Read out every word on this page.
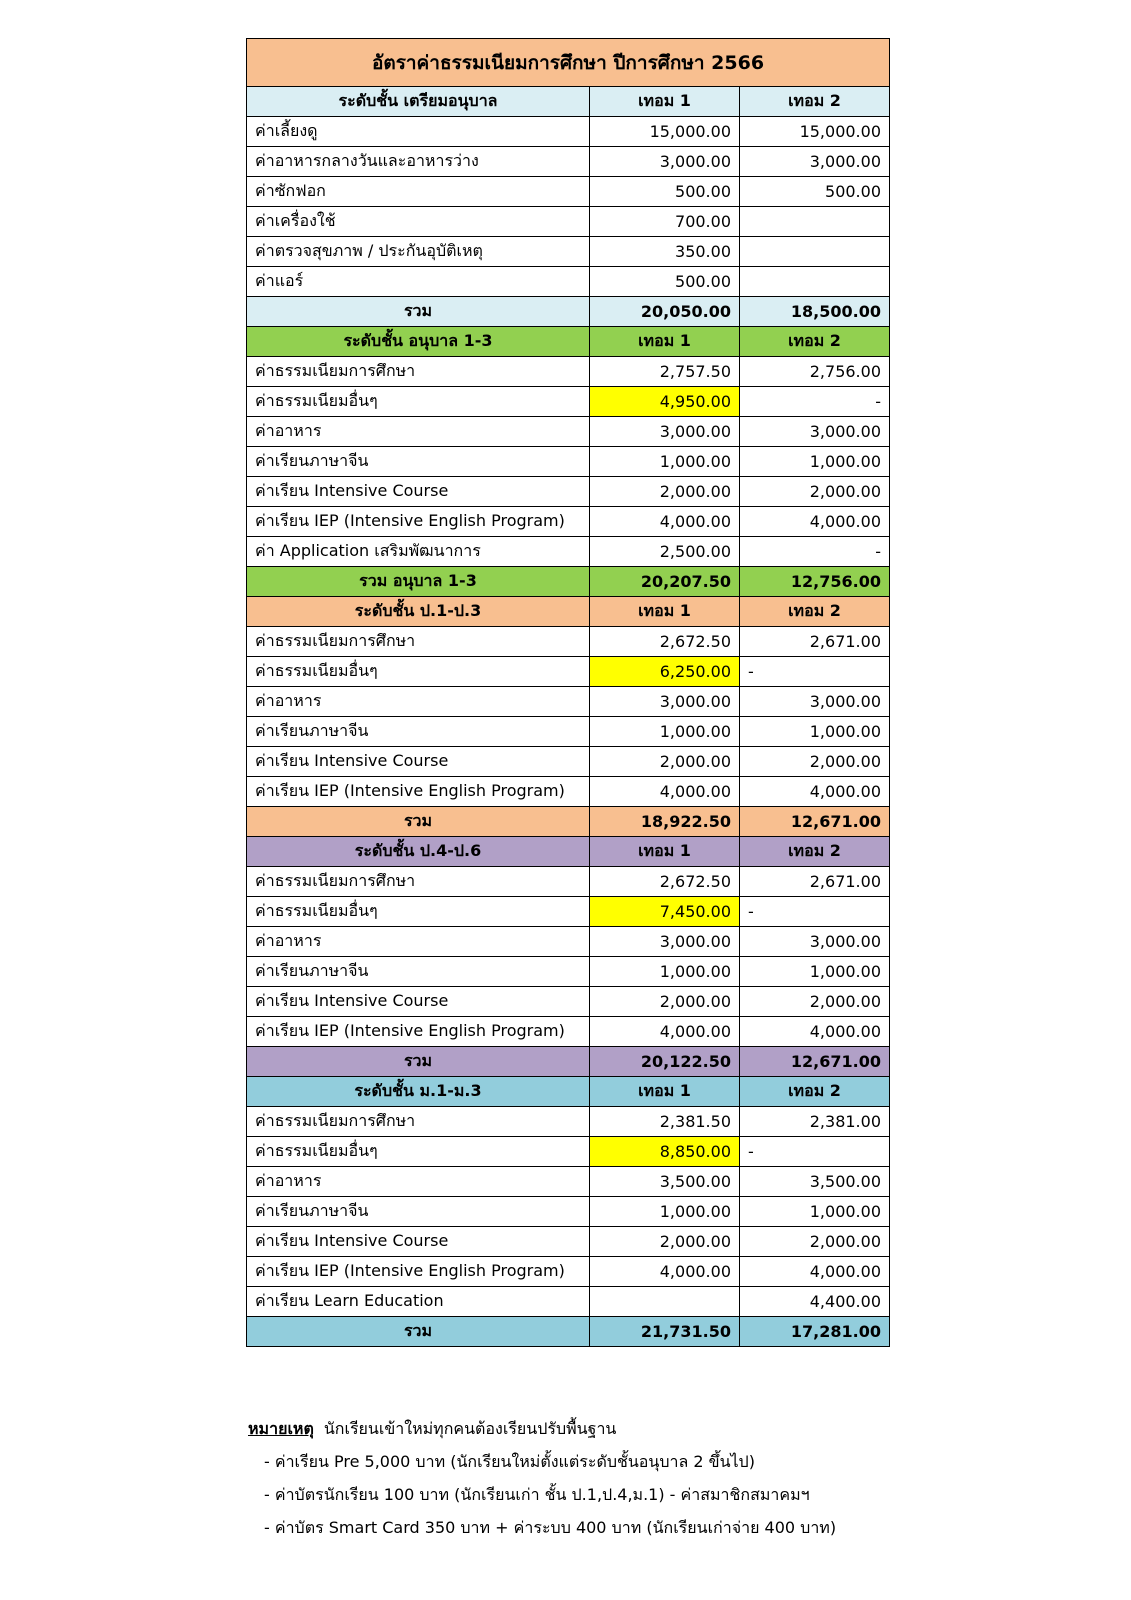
อัตราค่าธรรมเนียมการศึกษา ปีการศึกษา 2566		
ระดับชั้น เตรียมอนุบาล	เทอม 1	เทอม 2
ค่าเลี้ยงดู	15,000.00	15,000.00
ค่าอาหารกลางวันและอาหารว่าง	3,000.00	3,000.00
ค่าซักฟอก	500.00	500.00
ค่าเครื่องใช้	700.00	
ค่าตรวจสุขภาพ / ประกันอุบัติเหตุ	350.00	
ค่าแอร์	500.00	
รวม	20,050.00	18,500.00
ระดับชั้น อนุบาล 1-3	เทอม 1	เทอม 2
ค่าธรรมเนียมการศึกษา	2,757.50	2,756.00
ค่าธรรมเนียมอื่นๆ	4,950.00	-
ค่าอาหาร	3,000.00	3,000.00
ค่าเรียนภาษาจีน	1,000.00	1,000.00
ค่าเรียน Intensive Course	2,000.00	2,000.00
ค่าเรียน IEP (Intensive English Program)	4,000.00	4,000.00
ค่า Application เสริมพัฒนาการ	2,500.00	-
รวม อนุบาล 1-3	20,207.50	12,756.00
ระดับชั้น ป.1-ป.3	เทอม 1	เทอม 2
ค่าธรรมเนียมการศึกษา	2,672.50	2,671.00
ค่าธรรมเนียมอื่นๆ	6,250.00	-
ค่าอาหาร	3,000.00	3,000.00
ค่าเรียนภาษาจีน	1,000.00	1,000.00
ค่าเรียน Intensive Course	2,000.00	2,000.00
ค่าเรียน IEP (Intensive English Program)	4,000.00	4,000.00
รวม	18,922.50	12,671.00
ระดับชั้น ป.4-ป.6	เทอม 1	เทอม 2
ค่าธรรมเนียมการศึกษา	2,672.50	2,671.00
ค่าธรรมเนียมอื่นๆ	7,450.00	-
ค่าอาหาร	3,000.00	3,000.00
ค่าเรียนภาษาจีน	1,000.00	1,000.00
ค่าเรียน Intensive Course	2,000.00	2,000.00
ค่าเรียน IEP (Intensive English Program)	4,000.00	4,000.00
รวม	20,122.50	12,671.00
ระดับชั้น ม.1-ม.3	เทอม 1	เทอม 2
ค่าธรรมเนียมการศึกษา	2,381.50	2,381.00
ค่าธรรมเนียมอื่นๆ	8,850.00	-
ค่าอาหาร	3,500.00	3,500.00
ค่าเรียนภาษาจีน	1,000.00	1,000.00
ค่าเรียน Intensive Course	2,000.00	2,000.00
ค่าเรียน IEP (Intensive English Program)	4,000.00	4,000.00
ค่าเรียน Learn Education		4,400.00
รวม	21,731.50	17,281.00
หมายเหตุ นักเรียนเข้าใหม่ทุกคนต้องเรียนปรับพื้นฐาน
- ค่าเรียน Pre 5,000 บาท (นักเรียนใหม่ตั้งแต่ระดับชั้นอนุบาล 2 ขึ้นไป)
- ค่าบัตรนักเรียน 100 บาท (นักเรียนเก่า ชั้น ป.1,ป.4,ม.1) - ค่าสมาชิกสมาคมฯ
- ค่าบัตร Smart Card 350 บาท + ค่าระบบ 400 บาท (นักเรียนเก่าจ่าย 400 บาท)
